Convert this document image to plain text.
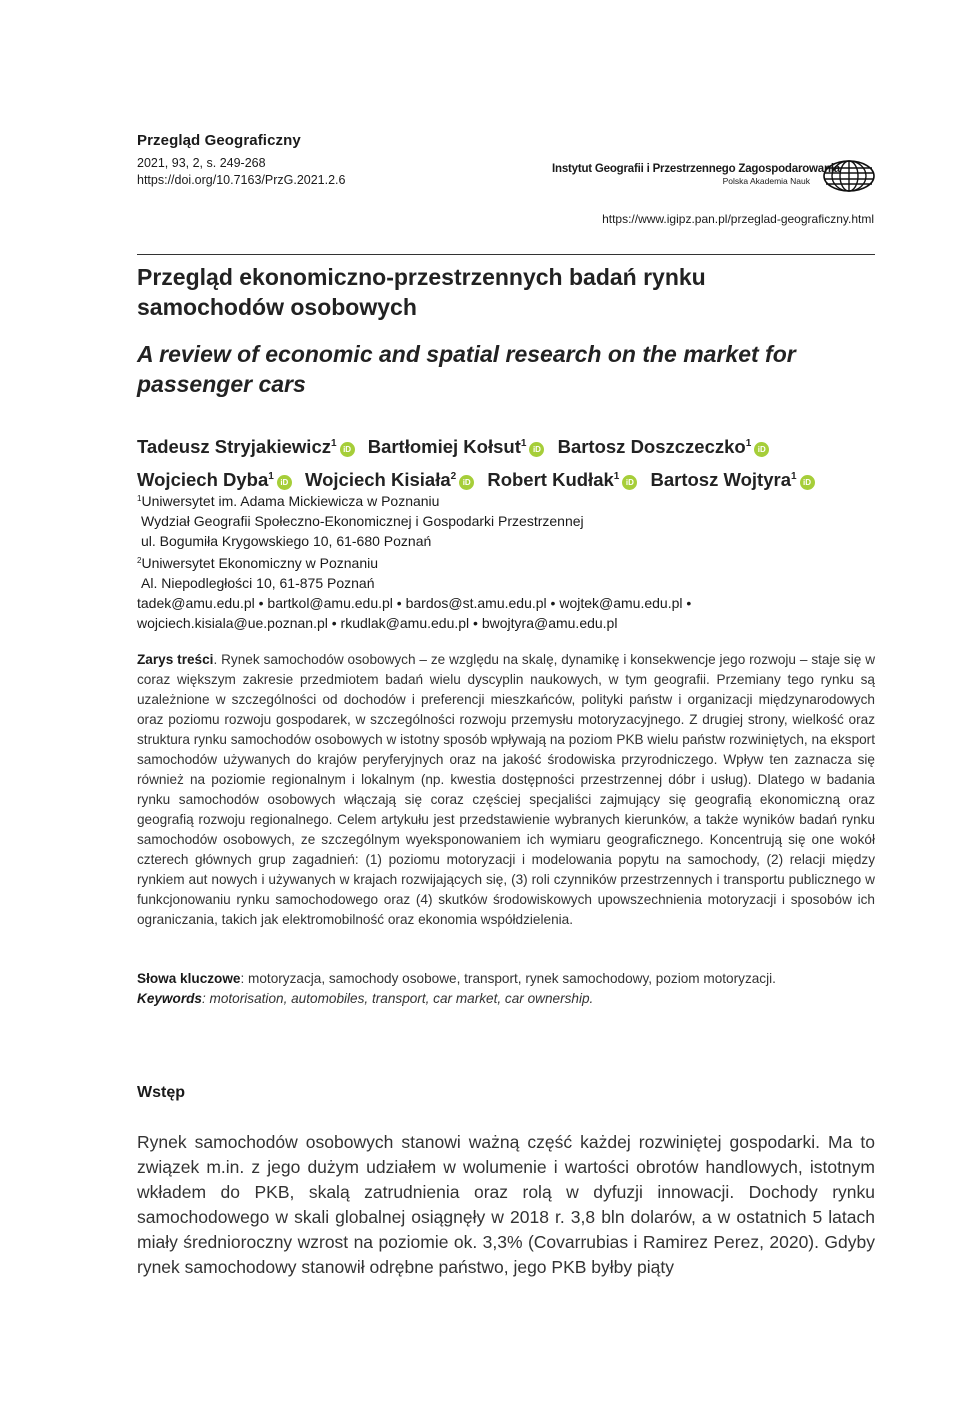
Przegląd Geograficzny
2021, 93, 2, s. 249-268
https://doi.org/10.7163/PrzG.2021.2.6
Instytut Geografii i Przestrzennego Zagospodarowania
Polska Akademia Nauk
https://www.igipz.pan.pl/przeglad-geograficzny.html
Przegląd ekonomiczno-przestrzennych badań rynku samochodów osobowych
A review of economic and spatial research on the market for passenger cars
Tadeusz Stryjakiewicz$^1$iD Bartłomiej Kołsut$^1$iD Bartosz Doszczeczko$^1$iD
Wojciech Dyba$^1$iD Wojciech Kisiała$^2$iD Robert Kudłak$^1$iD Bartosz Wojtyra$^1$iD
$^1$Uniwersytet im. Adama Mickiewicza w Poznaniu
Wydział Geografii Społeczno-Ekonomicznej i Gospodarki Przestrzennej
ul. Bogumiła Krygowskiego 10, 61-680 Poznań
$^2$Uniwersytet Ekonomiczny w Poznaniu
Al. Niepodległości 10, 61-875 Poznań
tadek@amu.edu.pl • bartkol@amu.edu.pl • bardos@st.amu.edu.pl • wojtek@amu.edu.pl •
wojciech.kisiala@ue.poznan.pl • rkudlak@amu.edu.pl • bwojtyra@amu.edu.pl
Zarys treści. Rynek samochodów osobowych – ze względu na skalę, dynamikę i konsekwencje jego rozwoju – staje się w coraz większym zakresie przedmiotem badań wielu dyscyplin naukowych, w tym geografii. Przemiany tego rynku są uzależnione w szczególności od dochodów i preferencji mieszkańców, polityki państw i organizacji międzynarodowych oraz poziomu rozwoju gospodarek, w szczególności rozwoju przemysłu motoryzacyjnego. Z drugiej strony, wielkość oraz struktura rynku samochodów osobowych w istotny sposób wpływają na poziom PKB wielu państw rozwiniętych, na eksport samochodów używanych do krajów peryferyjnych oraz na jakość środowiska przyrodniczego. Wpływ ten zaznacza się również na poziomie regionalnym i lokalnym (np. kwestia dostępności przestrzennej dóbr i usług). Dlatego w badania rynku samochodów osobowych włączają się coraz częściej specjaliści zajmujący się geografią ekonomiczną oraz geografią rozwoju regionalnego. Celem artykułu jest przedstawienie wybranych kierunków, a także wyników badań rynku samochodów osobowych, ze szczególnym wyeksponowaniem ich wymiaru geograficznego. Koncentrują się one wokół czterech głównych grup zagadnień: (1) poziomu motoryzacji i modelowania popytu na samochody, (2) relacji między rynkiem aut nowych i używanych w krajach rozwijających się, (3) roli czynników przestrzennych i transportu publicznego w funkcjonowaniu rynku samochodowego oraz (4) skutków środowiskowych upowszechnienia motoryzacji i sposobów ich ograniczania, takich jak elektromobilność oraz ekonomia współdzielenia.
Słowa kluczowe: motoryzacja, samochody osobowe, transport, rynek samochodowy, poziom motoryzacji.
Keywords: motorisation, automobiles, transport, car market, car ownership.
Wstęp
Rynek samochodów osobowych stanowi ważną część każdej rozwiniętej gospodarki. Ma to związek m.in. z jego dużym udziałem w wolumenie i wartości obrotów handlowych, istotnym wkładem do PKB, skalą zatrudnienia oraz rolą w dyfuzji innowacji. Dochody rynku samochodowego w skali globalnej osiągnęły w 2018 r. 3,8 bln dolarów, a w ostatnich 5 latach miały średnioroczny wzrost na poziomie ok. 3,3% (Covarrubias i Ramirez Perez, 2020). Gdyby rynek samochodowy stanowił odrębne państwo, jego PKB byłby piąty
